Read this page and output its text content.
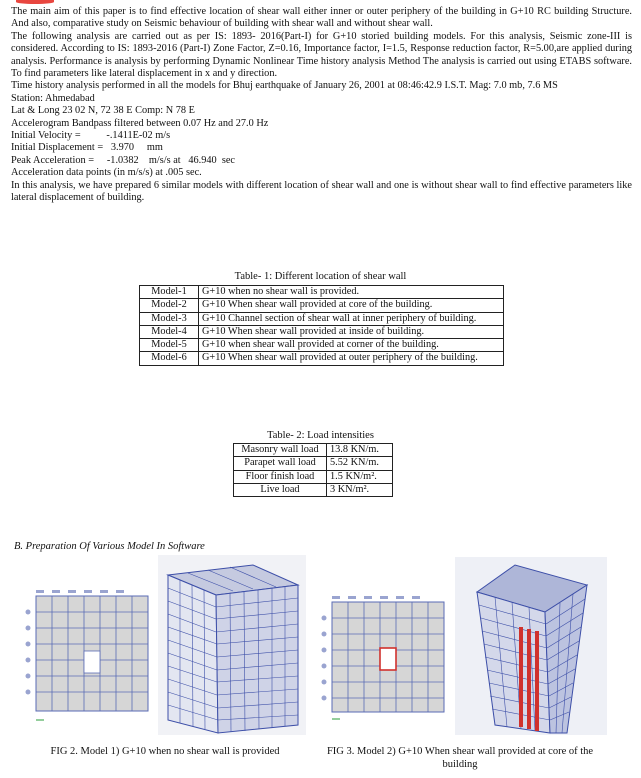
The main aim of this paper is to find effective location of shear wall either inner or outer periphery of the building in G+10 RC building Structure. And also, comparative study on Seismic behaviour of building with shear wall and without shear wall.

The following analysis are carried out as per IS: 1893- 2016(Part-I) for G+10 storied building models. For this analysis, Seismic zone-III is considered. According to IS: 1893-2016 (Part-I) Zone Factor, Z=0.16, Importance factor, I=1.5, Response reduction factor, R=5.00,are applied during analysis. Performance is analysis by performing Dynamic Nonlinear Time history analysis Method The analysis is carried out using ETABS software. To find parameters like lateral displacement in x and y direction.

Time history analysis performed in all the models for Bhuj earthquake of January 26, 2001 at 08:46:42.9 I.S.T. Mag: 7.0 mb, 7.6 MS

Station: Ahmedabad

Lat & Long 23 02 N, 72 38 E Comp: N 78 E

Accelerogram Bandpass filtered between 0.07 Hz and 27.0 Hz

Initial Velocity =          -.1411E-02 m/s

Initial Displacement =   3.970     mm

Peak Acceleration =     -1.0382    m/s/s at   46.940  sec

Acceleration data points (in m/s/s) at .005 sec.

In this analysis, we have prepared 6 similar models with different location of shear wall and one is without shear wall to find effective parameters like lateral displacement of building.

Table- 1: Different location of shear wall
Model-1	G+10 when no shear wall is provided.
Model-2	G+10 When shear wall provided at core of the building.
Model-3	G+10 Channel section of shear wall at inner periphery of building.
Model-4	G+10 When shear wall provided at inside of building.
Model-5	G+10 when shear wall provided at corner of the building.
Model-6	G+10 When shear wall provided at outer periphery of the building.
Table- 2: Load intensities
Masonry wall load	13.8 KN/m.
Parapet wall load	5.52 KN/m.
Floor finish load	1.5 KN/m².
Live load	3 KN/m².
B. Preparation Of Various Model In Software
FIG 2. Model 1) G+10 when no shear wall is provided	FIG 3. Model 2) G+10 When shear wall provided at core of the building
